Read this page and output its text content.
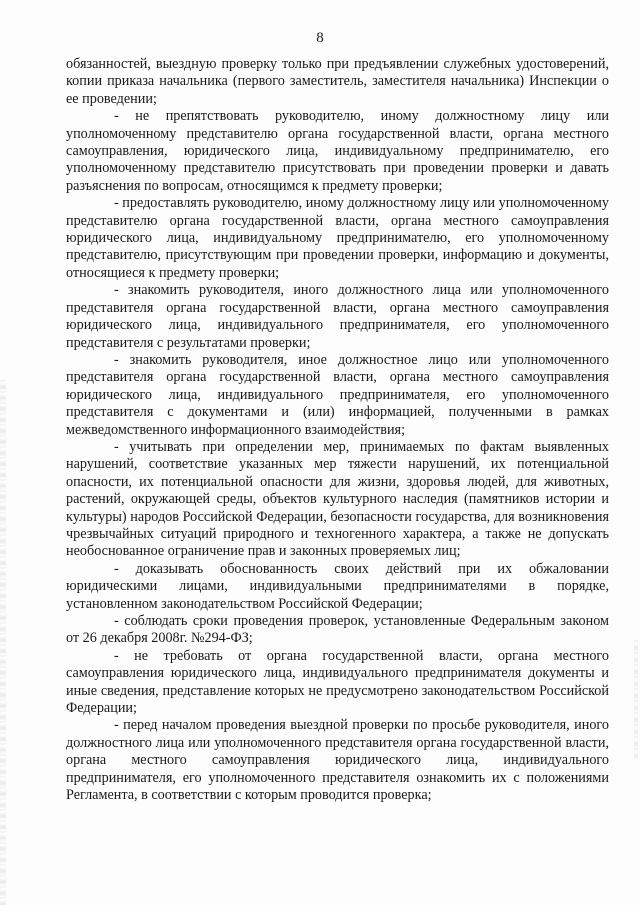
8

обязанностей, выездную проверку только при предъявлении служебных удостоверений, копии приказа начальника (первого заместитель, заместителя начальника) Инспекции о ее проведении;

- не препятствовать руководителю, иному должностному лицу или уполномоченному представителю органа государственной власти, органа местного самоуправления, юридического лица, индивидуальному предпринимателю, его уполномоченному представителю присутствовать при проведении проверки и давать разъяснения по вопросам, относящимся к предмету проверки;

- предоставлять руководителю, иному должностному лицу или уполномоченному представителю органа государственной власти, органа местного самоуправления юридического лица, индивидуальному предпринимателю, его уполномоченному представителю, присутствующим при проведении проверки, информацию и документы, относящиеся к предмету проверки;

- знакомить руководителя, иного должностного лица или уполномоченного представителя органа государственной власти, органа местного самоуправления юридического лица, индивидуального предпринимателя, его уполномоченного представителя с результатами проверки;

- знакомить руководителя, иное должностное лицо или уполномоченного представителя органа государственной власти, органа местного самоуправления юридического лица, индивидуального предпринимателя, его уполномоченного представителя с документами и (или) информацией, полученными в рамках межведомственного информационного взаимодействия;

- учитывать при определении мер, принимаемых по фактам выявленных нарушений, соответствие указанных мер тяжести нарушений, их потенциальной опасности, их потенциальной опасности для жизни, здоровья людей, для животных, растений, окружающей среды, объектов культурного наследия (памятников истории и культуры) народов Российской Федерации, безопасности государства, для возникновения чрезвычайных ситуаций природного и техногенного характера, а также не допускать необоснованное ограничение прав и законных проверяемых лиц;

- доказывать обоснованность своих действий при их обжаловании юридическими лицами, индивидуальными предпринимателями в порядке, установленном законодательством Российской Федерации;

- соблюдать сроки проведения проверок, установленные Федеральным законом от 26 декабря 2008г. №294-ФЗ;

- не требовать от органа государственной власти, органа местного самоуправления юридического лица, индивидуального предпринимателя документы и иные сведения, представление которых не предусмотрено законодательством Российской Федерации;

- перед началом проведения выездной проверки по просьбе руководителя, иного должностного лица или уполномоченного представителя органа государственной власти, органа местного самоуправления юридического лица, индивидуального предпринимателя, его уполномоченного представителя ознакомить их с положениями Регламента, в соответствии с которым проводится проверка;
